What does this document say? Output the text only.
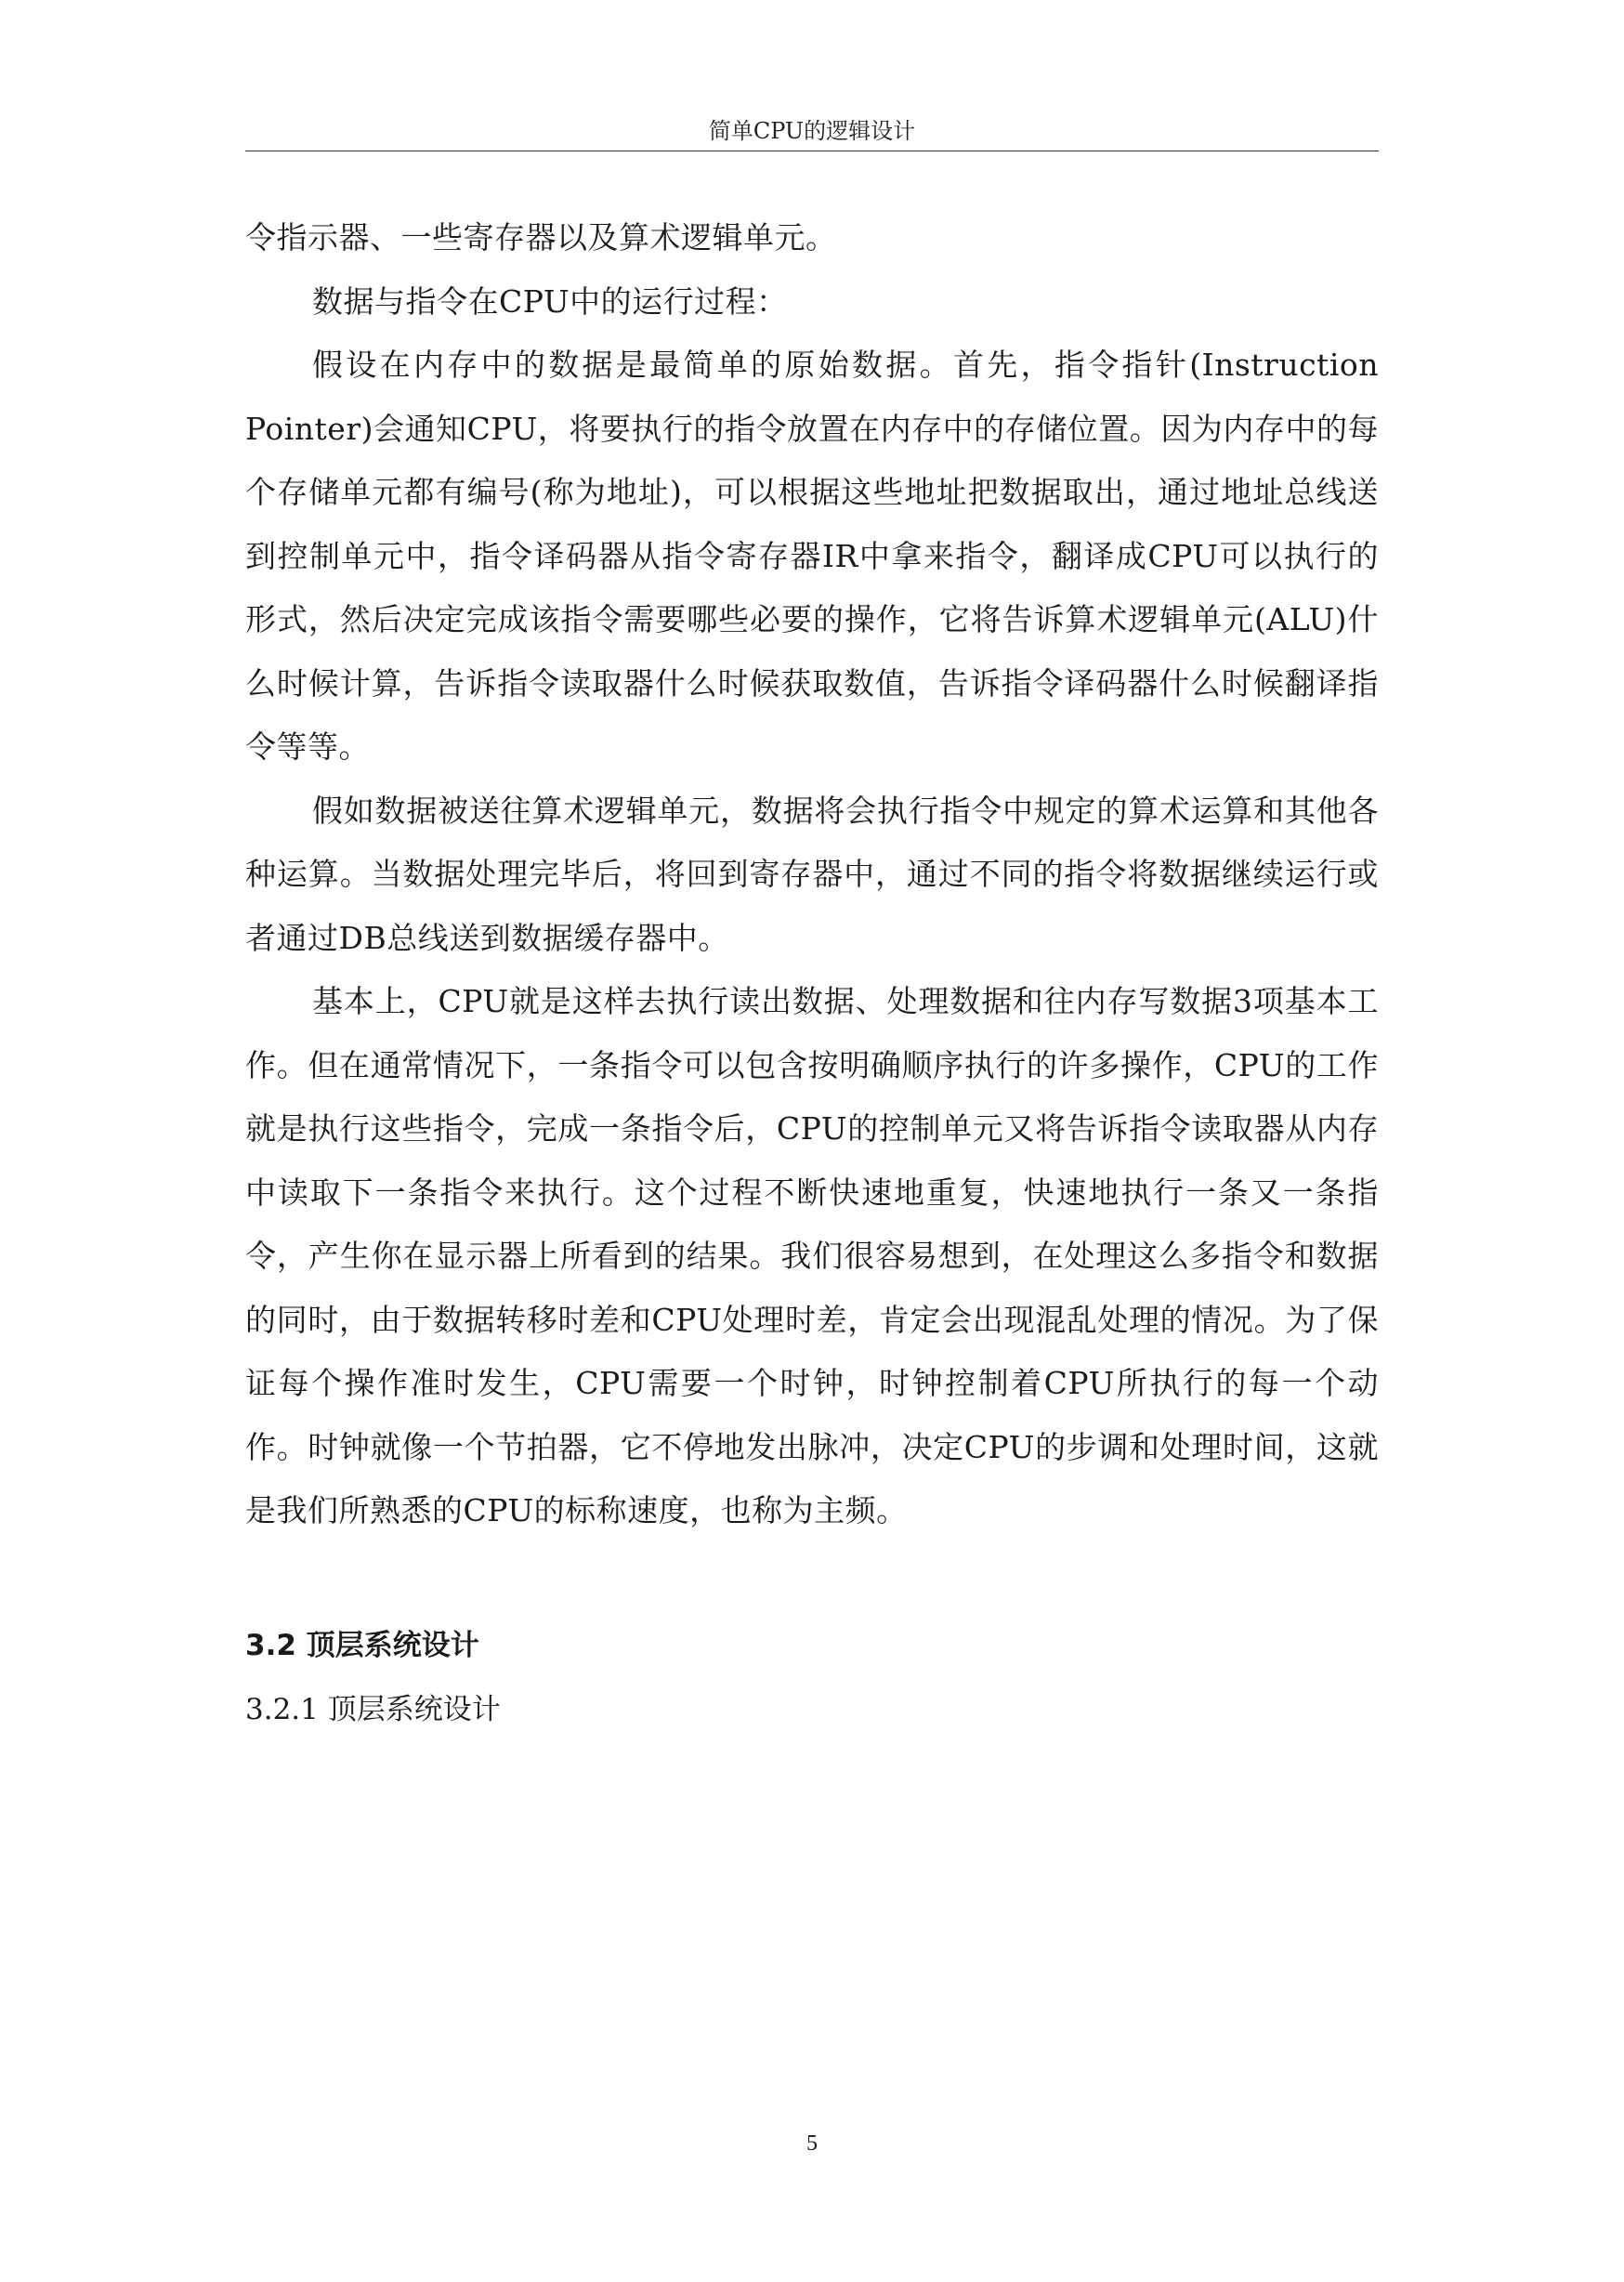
简单CPU的逻辑设计

令指示器、一些寄存器以及算术逻辑单元。

数据与指令在CPU中的运行过程：

假设在内存中的数据是最简单的原始数据。首先，指令指针(Instruction Pointer)会通知CPU，将要执行的指令放置在内存中的存储位置。因为内存中的每个存储单元都有编号(称为地址)，可以根据这些地址把数据取出，通过地址总线送到控制单元中，指令译码器从指令寄存器IR中拿来指令，翻译成CPU可以执行的形式，然后决定完成该指令需要哪些必要的操作，它将告诉算术逻辑单元(ALU)什么时候计算，告诉指令读取器什么时候获取数值，告诉指令译码器什么时候翻译指令等等。

假如数据被送往算术逻辑单元，数据将会执行指令中规定的算术运算和其他各种运算。当数据处理完毕后，将回到寄存器中，通过不同的指令将数据继续运行或者通过DB总线送到数据缓存器中。

基本上，CPU就是这样去执行读出数据、处理数据和往内存写数据3项基本工作。但在通常情况下，一条指令可以包含按明确顺序执行的许多操作，CPU的工作就是执行这些指令，完成一条指令后，CPU的控制单元又将告诉指令读取器从内存中读取下一条指令来执行。这个过程不断快速地重复，快速地执行一条又一条指令，产生你在显示器上所看到的结果。我们很容易想到，在处理这么多指令和数据的同时，由于数据转移时差和CPU处理时差，肯定会出现混乱处理的情况。为了保证每个操作准时发生，CPU需要一个时钟，时钟控制着CPU所执行的每一个动作。时钟就像一个节拍器，它不停地发出脉冲，决定CPU的步调和处理时间，这就是我们所熟悉的CPU的标称速度，也称为主频。

3.2 顶层系统设计
3.2.1 顶层系统设计
5
